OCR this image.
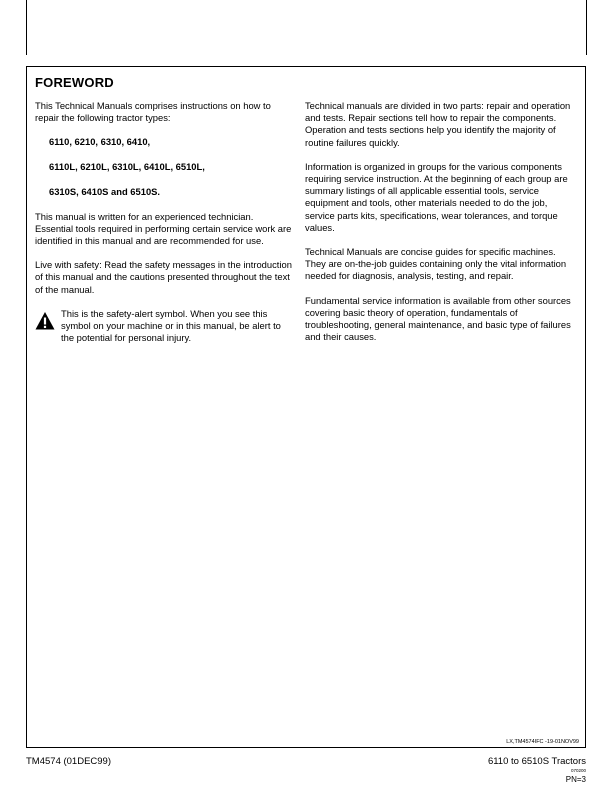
FOREWORD

This Technical Manuals comprises instructions on how to repair the following tractor types:

6110, 6210, 6310, 6410,

6110L, 6210L, 6310L, 6410L, 6510L,

6310S, 6410S and 6510S.

This manual is written for an experienced technician. Essential tools required in performing certain service work are identified in this manual and are recommended for use.

Live with safety: Read the safety messages in the introduction of this manual and the cautions presented throughout the text of the manual.

This is the safety-alert symbol. When you see this symbol on your machine or in this manual, be alert to the potential for personal injury.

Technical manuals are divided in two parts: repair and operation and tests. Repair sections tell how to repair the components. Operation and tests sections help you identify the majority of routine failures quickly.

Information is organized in groups for the various components requiring service instruction. At the beginning of each group are summary listings of all applicable essential tools, service equipment and tools, other materials needed to do the job, service parts kits, specifications, wear tolerances, and torque values.

Technical Manuals are concise guides for specific machines. They are on-the-job guides containing only the vital information needed for diagnosis, analysis, testing, and repair.

Fundamental service information is available from other sources covering basic theory of operation, fundamentals of troubleshooting, general maintenance, and basic type of failures and their causes.

LX,TM4574IFC -19-01NOV99
TM4574 (01DEC99)	6110 to 6510S Tractors
070200
PN=3
